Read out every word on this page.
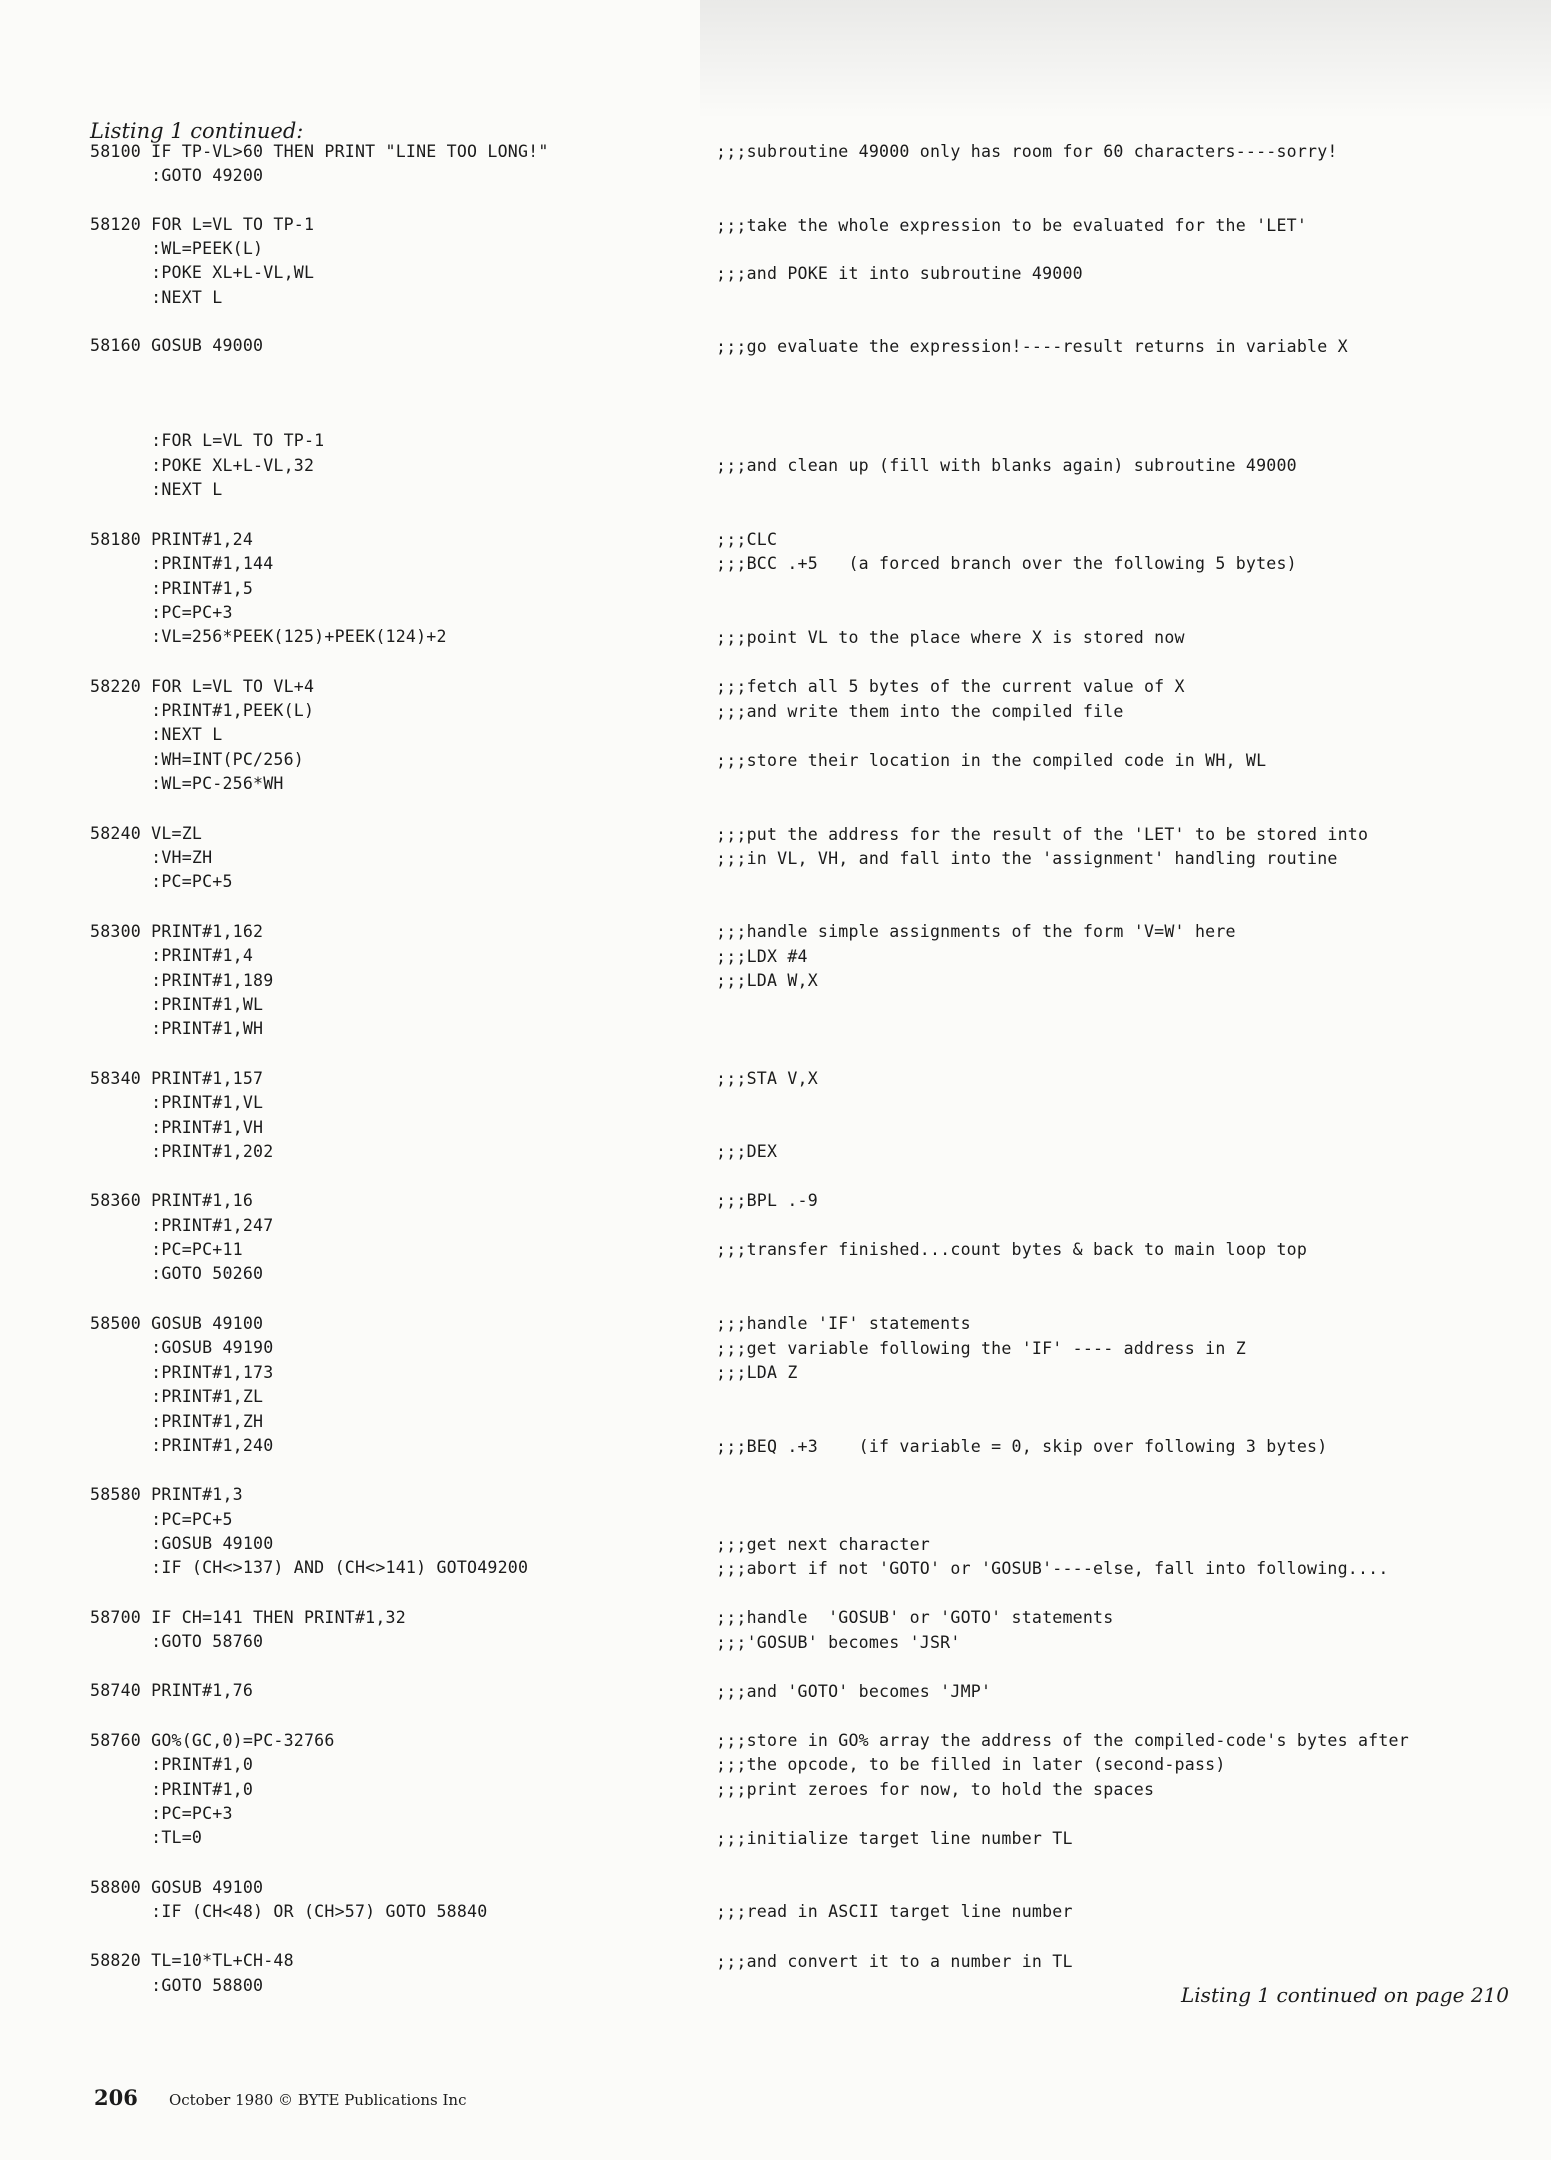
Listing 1 continued:
58100 IF TP-VL>60 THEN PRINT "LINE TOO LONG!"
:GOTO 49200
58120 FOR L=VL TO TP-1
:WL=PEEK(L)
:POKE XL+L-VL,WL
:NEXT L
58160 GOSUB 49000
:FOR L=VL TO TP-1
:POKE XL+L-VL,32
:NEXT L
58180 PRINT#1,24
:PRINT#1,144
:PRINT#1,5
:PC=PC+3
:VL=256*PEEK(125)+PEEK(124)+2
58220 FOR L=VL TO VL+4
:PRINT#1,PEEK(L)
:NEXT L
:WH=INT(PC/256)
:WL=PC-256*WH
58240 VL=ZL
:VH=ZH
:PC=PC+5
58300 PRINT#1,162
:PRINT#1,4
:PRINT#1,189
:PRINT#1,WL
:PRINT#1,WH
58340 PRINT#1,157
:PRINT#1,VL
:PRINT#1,VH
:PRINT#1,202
58360 PRINT#1,16
:PRINT#1,247
:PC=PC+11
:GOTO 50260
58500 GOSUB 49100
:GOSUB 49190
:PRINT#1,173
:PRINT#1,ZL
:PRINT#1,ZH
:PRINT#1,240
58580 PRINT#1,3
:PC=PC+5
:GOSUB 49100
:IF (CH<>137) AND (CH<>141) GOTO49200
58700 IF CH=141 THEN PRINT#1,32
:GOTO 58760
58740 PRINT#1,76
58760 GO%(GC,0)=PC-32766
:PRINT#1,0
:PRINT#1,0
:PC=PC+3
:TL=0
58800 GOSUB 49100
:IF (CH<48) OR (CH>57) GOTO 58840
58820 TL=10*TL+CH-48
:GOTO 58800
;;;subroutine 49000 only has room for 60 characters----sorry!
;;;take the whole expression to be evaluated for the 'LET'
;;;and POKE it into subroutine 49000
;;;go evaluate the expression!----result returns in variable X
;;;and clean up (fill with blanks again) subroutine 49000
;;;CLC
;;;BCC .+5   (a forced branch over the following 5 bytes)
;;;point VL to the place where X is stored now
;;;fetch all 5 bytes of the current value of X
;;;and write them into the compiled file
;;;store their location in the compiled code in WH, WL
;;;put the address for the result of the 'LET' to be stored into
;;;in VL, VH, and fall into the 'assignment' handling routine
;;;handle simple assignments of the form 'V=W' here
;;;LDX #4
;;;LDA W,X
;;;STA V,X
;;;DEX
;;;BPL .-9
;;;transfer finished...count bytes & back to main loop top
;;;handle 'IF' statements
;;;get variable following the 'IF' ---- address in Z
;;;LDA Z
;;;BEQ .+3    (if variable = 0, skip over following 3 bytes)
;;;get next character
;;;abort if not 'GOTO' or 'GOSUB'----else, fall into following....
;;;handle  'GOSUB' or 'GOTO' statements
;;;'GOSUB' becomes 'JSR'
;;;and 'GOTO' becomes 'JMP'
;;;store in GO% array the address of the compiled-code's bytes after
;;;the opcode, to be filled in later (second-pass)
;;;print zeroes for now, to hold the spaces
;;;initialize target line number TL
;;;read in ASCII target line number
;;;and convert it to a number in TL
Listing 1 continued on page 210
206 October 1980 © BYTE Publications Inc
